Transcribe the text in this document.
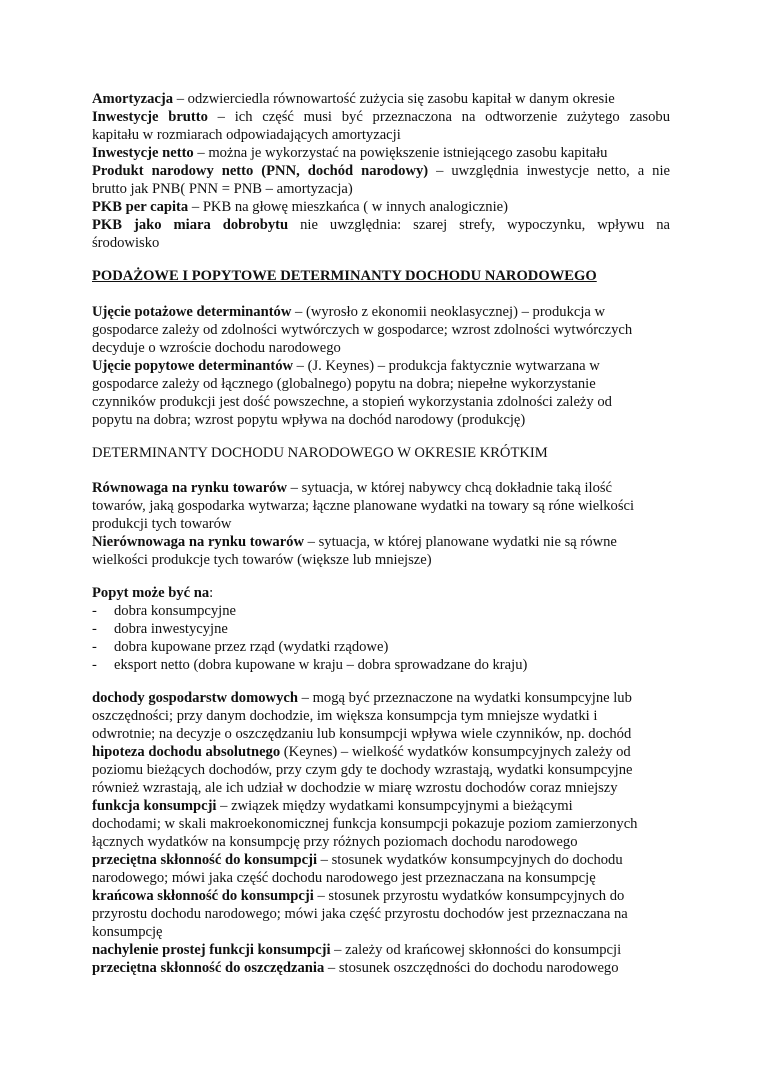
Amortyzacja – odzwierciedla równowartość zużycia się zasobu kapitał w danym okresie
Inwestycje brutto – ich część musi być przeznaczona na odtworzenie zużytego zasobu
kapitału w rozmiarach odpowiadających amortyzacji
Inwestycje netto – można je wykorzystać na powiększenie istniejącego zasobu kapitału
Produkt narodowy netto (PNN, dochód narodowy) – uwzględnia inwestycje netto, a nie
brutto jak PNB( PNN = PNB – amortyzacja)
PKB per capita – PKB na głowę mieszkańca ( w innych analogicznie)
PKB jako miara dobrobytu nie uwzględnia: szarej strefy, wypoczynku, wpływu na
środowisko
PODAŻOWE I POPYTOWE DETERMINANTY DOCHODU NARODOWEGO
Ujęcie potażowe determinantów – (wyrosło z ekonomii neoklasycznej) – produkcja w
gospodarce zależy od zdolności wytwórczych w gospodarce; wzrost zdolności wytwórczych
decyduje o wzroście dochodu narodowego
Ujęcie popytowe determinantów – (J. Keynes) – produkcja faktycznie wytwarzana w
gospodarce zależy od łącznego (globalnego) popytu na dobra; niepełne wykorzystanie
czynników produkcji jest dość powszechne, a stopień wykorzystania zdolności zależy od
popytu na dobra; wzrost popytu wpływa na dochód narodowy (produkcję)
DETERMINANTY DOCHODU NARODOWEGO W OKRESIE KRÓTKIM
Równowaga na rynku towarów – sytuacja, w której nabywcy chcą dokładnie taką ilość
towarów, jaką gospodarka wytwarza; łączne planowane wydatki na towary są róne wielkości
produkcji tych towarów
Nierównowaga na rynku towarów – sytuacja, w której planowane wydatki nie są równe
wielkości produkcje tych towarów (większe lub mniejsze)
Popyt może być na:
- dobra konsumpcyjne
- dobra inwestycyjne
- dobra kupowane przez rząd (wydatki rządowe)
- eksport netto (dobra kupowane w kraju – dobra sprowadzane do kraju)
dochody gospodarstw domowych – mogą być przeznaczone na wydatki konsumpcyjne lub
oszczędności; przy danym dochodzie, im większa konsumpcja tym mniejsze wydatki i
odwrotnie; na decyzje o oszczędzaniu lub konsumpcji wpływa wiele czynników, np. dochód
hipoteza dochodu absolutnego (Keynes) – wielkość wydatków konsumpcyjnych zależy od
poziomu bieżących dochodów, przy czym gdy te dochody wzrastają, wydatki konsumpcyjne
również wzrastają, ale ich udział w dochodzie w miarę wzrostu dochodów coraz mniejszy
funkcja konsumpcji – związek między wydatkami konsumpcyjnymi a bieżącymi
dochodami; w skali makroekonomicznej funkcja konsumpcji pokazuje poziom zamierzonych
łącznych wydatków na konsumpcję przy różnych poziomach dochodu narodowego
przeciętna skłonność do konsumpcji – stosunek wydatków konsumpcyjnych do dochodu
narodowego; mówi jaka część dochodu narodowego jest przeznaczana na konsumpcję
krańcowa skłonność do konsumpcji – stosunek przyrostu wydatków konsumpcyjnych do
przyrostu dochodu narodowego; mówi jaka część przyrostu dochodów jest przeznaczana na
konsumpcję
nachylenie prostej funkcji konsumpcji – zależy od krańcowej skłonności do konsumpcji
przeciętna skłonność do oszczędzania – stosunek oszczędności do dochodu narodowego
